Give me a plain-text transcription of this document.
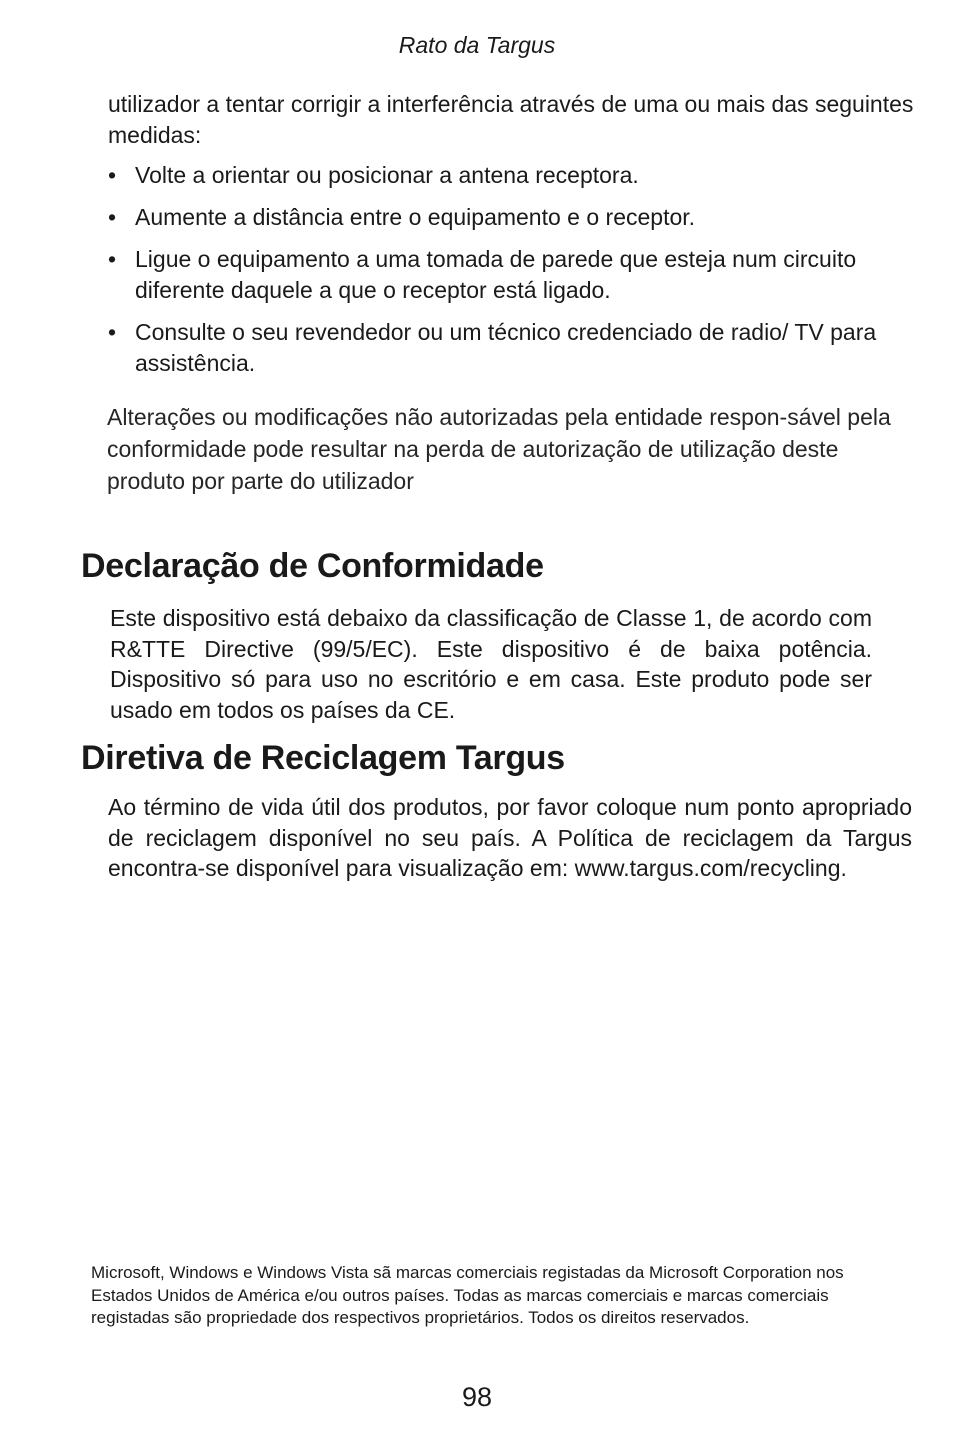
Rato da Targus

utilizador a tentar corrigir a interferência através de uma ou mais das seguintes medidas:

• Volte a orientar ou posicionar a antena receptora.
• Aumente a distância entre o equipamento e o receptor.
• Ligue o equipamento a uma tomada de parede que esteja num circuito diferente daquele a que o receptor está ligado.
• Consulte o seu revendedor ou um técnico credenciado de radio/ TV para assistência.

Alterações ou modificações não autorizadas pela entidade respon-sável pela conformidade pode resultar na perda de autorização de utilização deste produto por parte do utilizador

Declaração de Conformidade

Este dispositivo está debaixo da classificação de Classe 1, de acordo com R&TTE Directive (99/5/EC). Este dispositivo é de baixa potência. Dispositivo só para uso no escritório e em casa. Este produto pode ser usado em todos os países da CE.

Diretiva de Reciclagem Targus

Ao término de vida útil dos produtos, por favor coloque num ponto apropriado de reciclagem disponível no seu país. A Política de reciclagem da Targus encontra-se disponível para visualização em: www.targus.com/recycling.

Microsoft, Windows e Windows Vista sã marcas comerciais registadas da Microsoft Corporation nos Estados Unidos de América e/ou outros países. Todas as marcas comerciais e marcas comerciais registadas são propriedade dos respectivos proprietários. Todos os direitos reservados.

98
